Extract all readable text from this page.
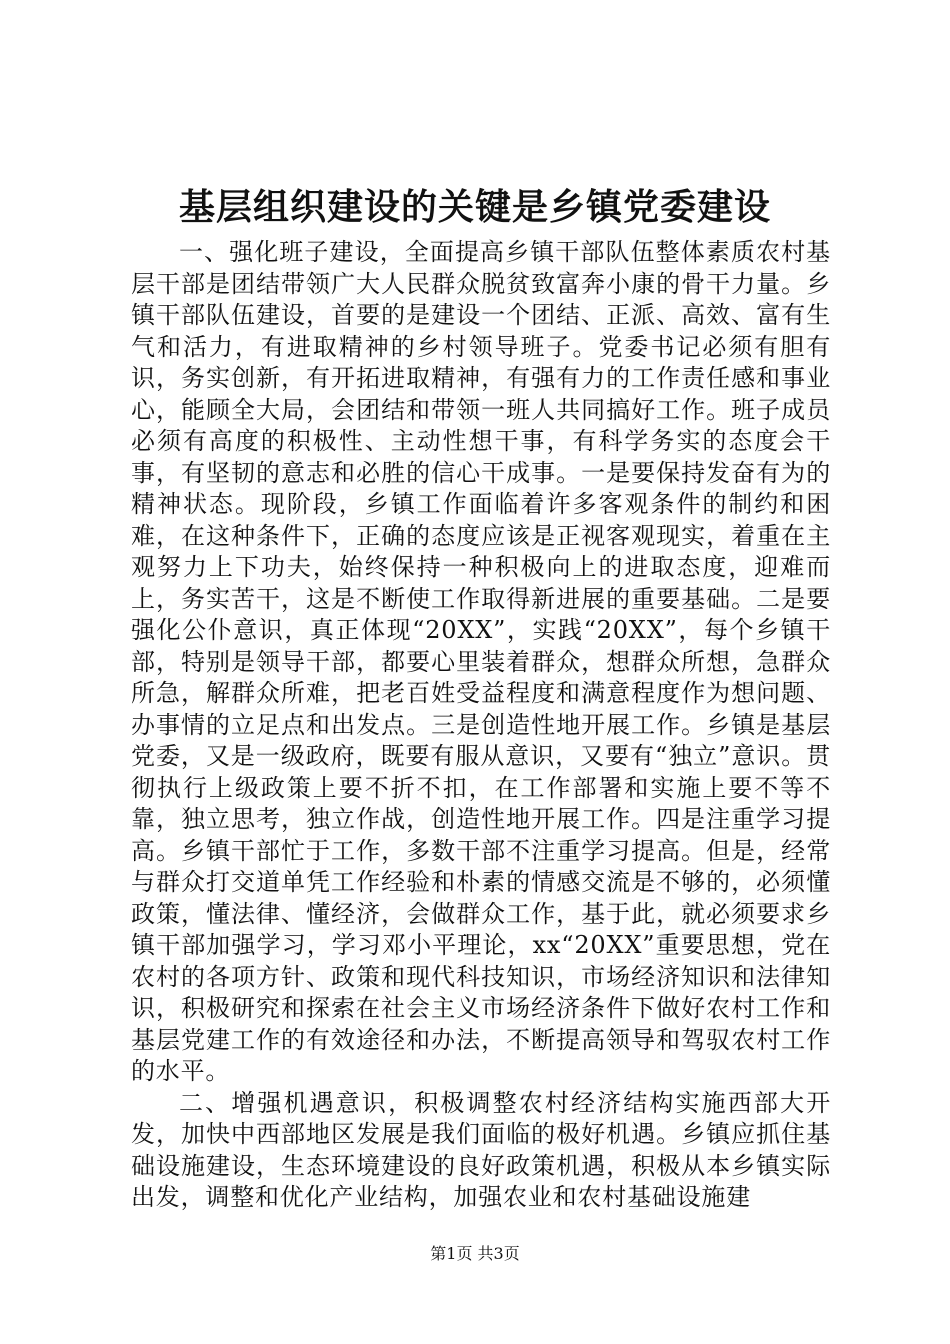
基层组织建设的关键是乡镇党委建设

一、强化班子建设，全面提高乡镇干部队伍整体素质农村基层干部是团结带领广大人民群众脱贫致富奔小康的骨干力量。乡镇干部队伍建设，首要的是建设一个团结、正派、高效、富有生气和活力，有进取精神的乡村领导班子。党委书记必须有胆有识，务实创新，有开拓进取精神，有强有力的工作责任感和事业心，能顾全大局，会团结和带领一班人共同搞好工作。班子成员必须有高度的积极性、主动性想干事，有科学务实的态度会干事，有坚韧的意志和必胜的信心干成事。一是要保持发奋有为的精神状态。现阶段，乡镇工作面临着许多客观条件的制约和困难，在这种条件下，正确的态度应该是正视客观现实，着重在主观努力上下功夫，始终保持一种积极向上的进取态度，迎难而上，务实苦干，这是不断使工作取得新进展的重要基础。二是要强化公仆意识，真正体现“20XX”，实践“20XX”，每个乡镇干部，特别是领导干部，都要心里装着群众，想群众所想，急群众所急，解群众所难，把老百姓受益程度和满意程度作为想问题、办事情的立足点和出发点。三是创造性地开展工作。乡镇是基层党委，又是一级政府，既要有服从意识，又要有“独立”意识。贯彻执行上级政策上要不折不扣，在工作部署和实施上要不等不靠，独立思考，独立作战，创造性地开展工作。四是注重学习提高。乡镇干部忙于工作，多数干部不注重学习提高。但是，经常与群众打交道单凭工作经验和朴素的情感交流是不够的，必须懂政策，懂法律、懂经济，会做群众工作，基于此，就必须要求乡镇干部加强学习，学习邓小平理论，xx“20XX”重要思想，党在农村的各项方针、政策和现代科技知识，市场经济知识和法律知识，积极研究和探索在社会主义市场经济条件下做好农村工作和基层党建工作的有效途径和办法，不断提高领导和驾驭农村工作的水平。

二、增强机遇意识，积极调整农村经济结构实施西部大开发，加快中西部地区发展是我们面临的极好机遇。乡镇应抓住基础设施建设，生态环境建设的良好政策机遇，积极从本乡镇实际出发，调整和优化产业结构，加强农业和农村基础设施建

第1页 共3页
